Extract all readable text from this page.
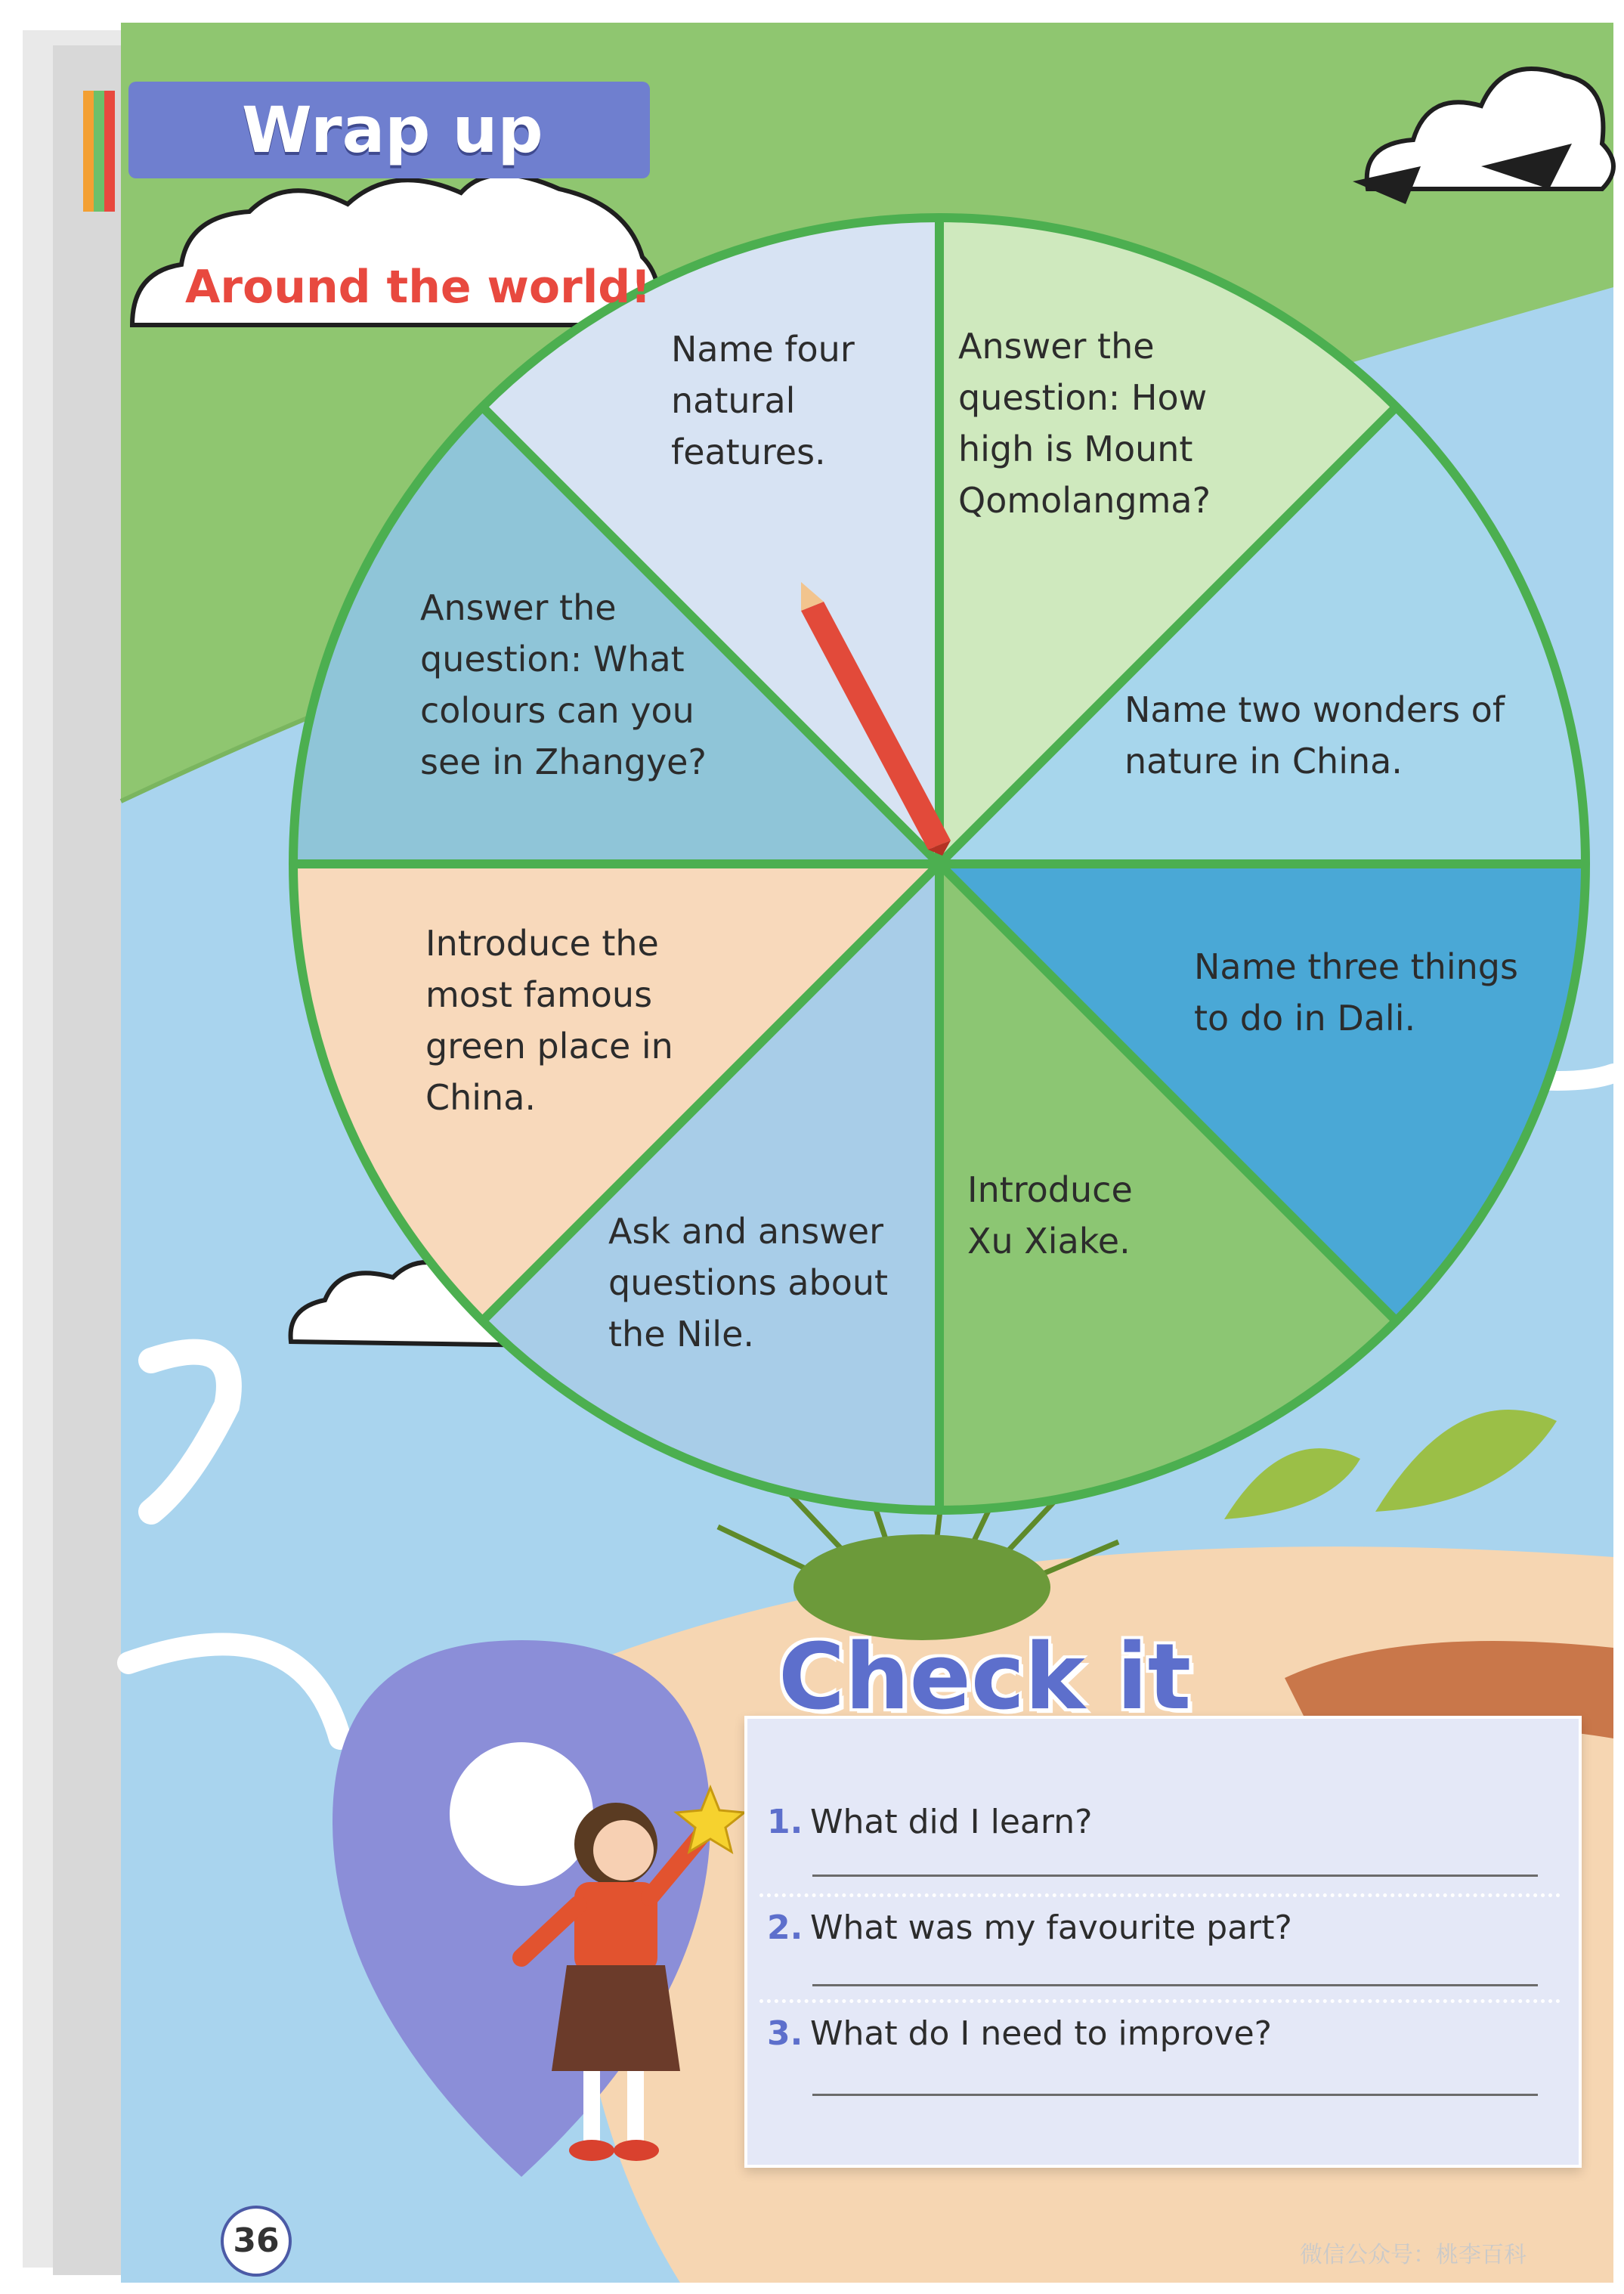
Wrap up
Around the world!
Name four
natural
features.
Answer the
question: How
high is Mount
Qomolangma?
Name two wonders of
nature in China.
Name three things
to do in Dali.
Introduce
Xu Xiake.
Ask and answer
questions about
the Nile.
Introduce the
most famous
green place in
China.
Answer the
question: What
colours can you
see in Zhangye?
Check it
1. What did I learn?
2. What was my favourite part?
3. What do I need to improve?
36	微信公众号：桃李百科
